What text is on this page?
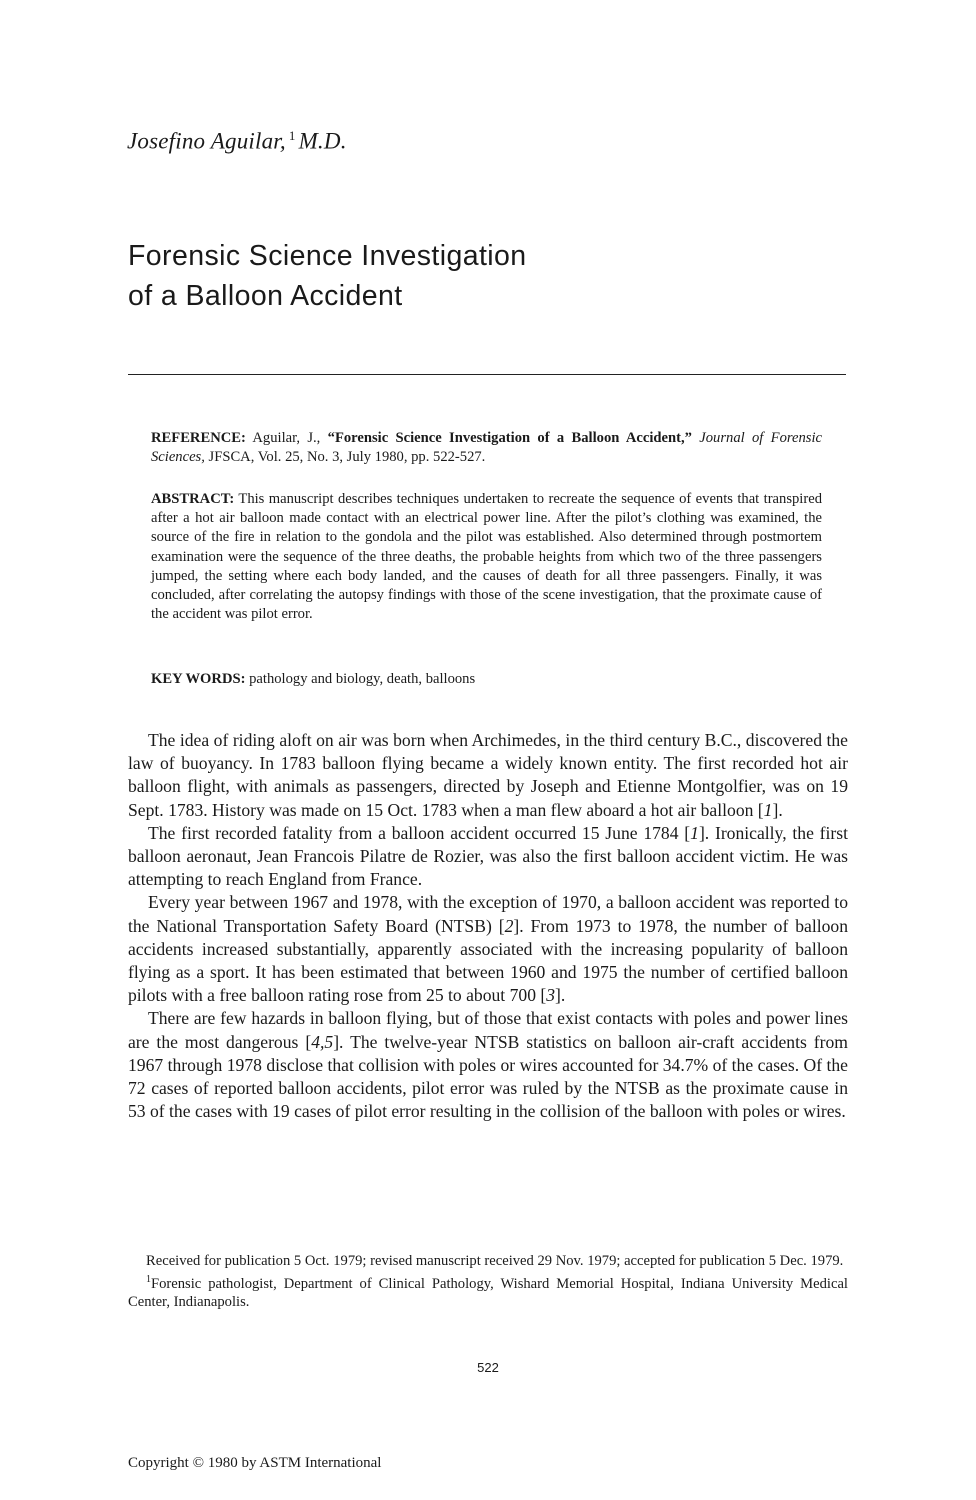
Josefino Aguilar, $^1$ M.D.
Forensic Science Investigation
of a Balloon Accident
REFERENCE: Aguilar, J., “Forensic Science Investigation of a Balloon Accident,” Journal of Forensic Sciences, JFSCA, Vol. 25, No. 3, July 1980, pp. 522-527.
ABSTRACT: This manuscript describes techniques undertaken to recreate the sequence of events that transpired after a hot air balloon made contact with an electrical power line. After the pilot’s clothing was examined, the source of the fire in relation to the gondola and the pilot was established. Also determined through postmortem examination were the sequence of the three deaths, the probable heights from which two of the three passengers jumped, the setting where each body landed, and the causes of death for all three passengers. Finally, it was concluded, after correlating the autopsy findings with those of the scene investigation, that the proximate cause of the accident was pilot error.
KEY WORDS: pathology and biology, death, balloons

The idea of riding aloft on air was born when Archimedes, in the third century B.C., discovered the law of buoyancy. In 1783 balloon flying became a widely known entity. The first recorded hot air balloon flight, with animals as passengers, directed by Joseph and Etienne Montgolfier, was on 19 Sept. 1783. History was made on 15 Oct. 1783 when a man flew aboard a hot air balloon [1].

The first recorded fatality from a balloon accident occurred 15 June 1784 [1]. Ironically, the first balloon aeronaut, Jean Francois Pilatre de Rozier, was also the first balloon accident victim. He was attempting to reach England from France.

Every year between 1967 and 1978, with the exception of 1970, a balloon accident was reported to the National Transportation Safety Board (NTSB) [2]. From 1973 to 1978, the number of balloon accidents increased substantially, apparently associated with the increasing popularity of balloon flying as a sport. It has been estimated that between 1960 and 1975 the number of certified balloon pilots with a free balloon rating rose from 25 to about 700 [3].

There are few hazards in balloon flying, but of those that exist contacts with poles and power lines are the most dangerous [4,5]. The twelve-year NTSB statistics on balloon air-craft accidents from 1967 through 1978 disclose that collision with poles or wires accounted for 34.7% of the cases. Of the 72 cases of reported balloon accidents, pilot error was ruled by the NTSB as the proximate cause in 53 of the cases with 19 cases of pilot error resulting in the collision of the balloon with poles or wires.

Received for publication 5 Oct. 1979; revised manuscript received 29 Nov. 1979; accepted for publication 5 Dec. 1979.

$^1$Forensic pathologist, Department of Clinical Pathology, Wishard Memorial Hospital, Indiana University Medical Center, Indianapolis.

522
Copyright © 1980 by ASTM International
